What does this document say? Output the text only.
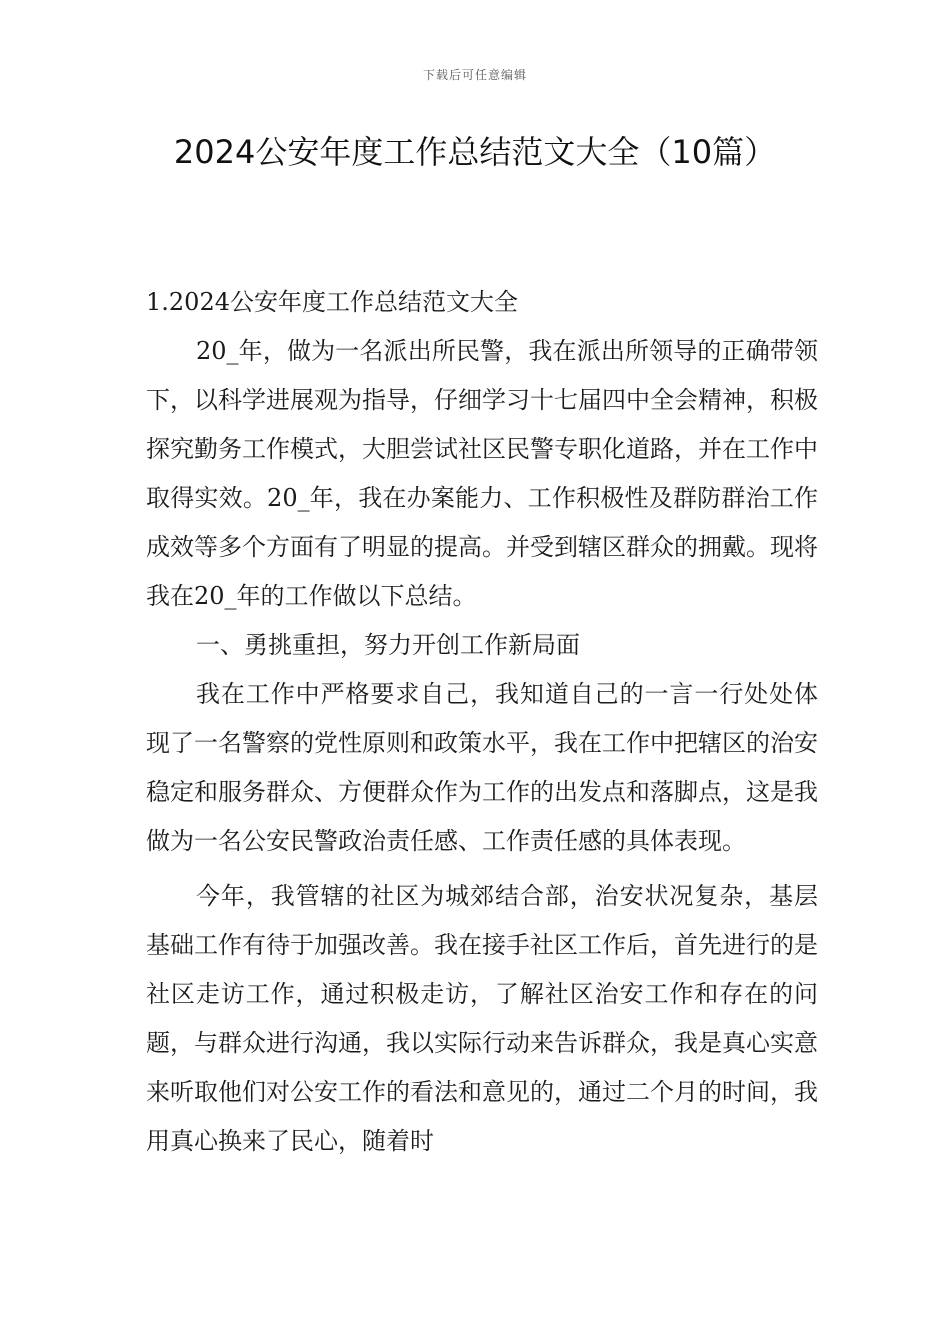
下载后可任意编辑
2024公安年度工作总结范文大全（10篇）

1.2024公安年度工作总结范文大全

20_年，做为一名派出所民警，我在派出所领导的正确带领下，以科学进展观为指导，仔细学习十七届四中全会精神，积极探究勤务工作模式，大胆尝试社区民警专职化道路，并在工作中取得实效。20_年，我在办案能力、工作积极性及群防群治工作成效等多个方面有了明显的提高。并受到辖区群众的拥戴。现将我在20_年的工作做以下总结。

一、勇挑重担，努力开创工作新局面

我在工作中严格要求自己，我知道自己的一言一行处处体现了一名警察的党性原则和政策水平，我在工作中把辖区的治安稳定和服务群众、方便群众作为工作的出发点和落脚点，这是我做为一名公安民警政治责任感、工作责任感的具体表现。

今年，我管辖的社区为城郊结合部，治安状况复杂，基层基础工作有待于加强改善。我在接手社区工作后，首先进行的是社区走访工作，通过积极走访，了解社区治安工作和存在的问题，与群众进行沟通，我以实际行动来告诉群众，我是真心实意来听取他们对公安工作的看法和意见的，通过二个月的时间，我用真心换来了民心，随着时
